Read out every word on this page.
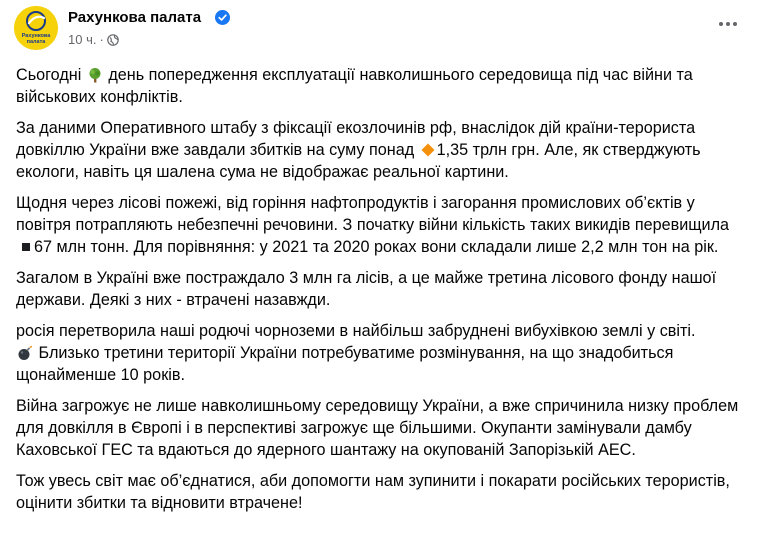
Рахункова
палата
Рахункова палата
10 ч. ·

Сьогодні день попередження експлуатації навколишнього середовища під час війни та військових конфліктів.

За даними Оперативного штабу з фіксації екозлочинів рф, внаслідок дій країни-терориста довкіллю України вже завдали збитків на суму понад 1,35 трлн грн. Але, як стверджують екологи, навіть ця шалена сума не відображає реальної картини.

Щодня через лісові пожежі, від горіння нафтопродуктів і загорання промислових об’єктів у повітря потрапляють небезпечні речовини. З початку війни кількість таких викидів перевищила67 млн тонн. Для порівняння: у 2021 та 2020 роках вони складали лише 2,2 млн тон на рік.

Загалом в Україні вже постраждало 3 млн га лісів, а це майже третина лісового фонду нашої держави. Деякі з них - втрачені назавжди.

росія перетворила наші родючі чорноземи в найбільш забруднені вибухівкою землі у світі.
Близько третини території України потребуватиме розмінування, на що знадобиться щонайменше 10 років.

Війна загрожує не лише навколишньому середовищу України, а вже спричинила низку проблем для довкілля в Європі і в перспективі загрожує ще більшими. Окупанти замінували дамбу Каховської ГЕС та вдаються до ядерного шантажу на окупованій Запорізькій АЕС.

Тож увесь світ має об’єднатися, аби допомогти нам зупинити і покарати російських терористів, оцінити збитки та відновити втрачене!
